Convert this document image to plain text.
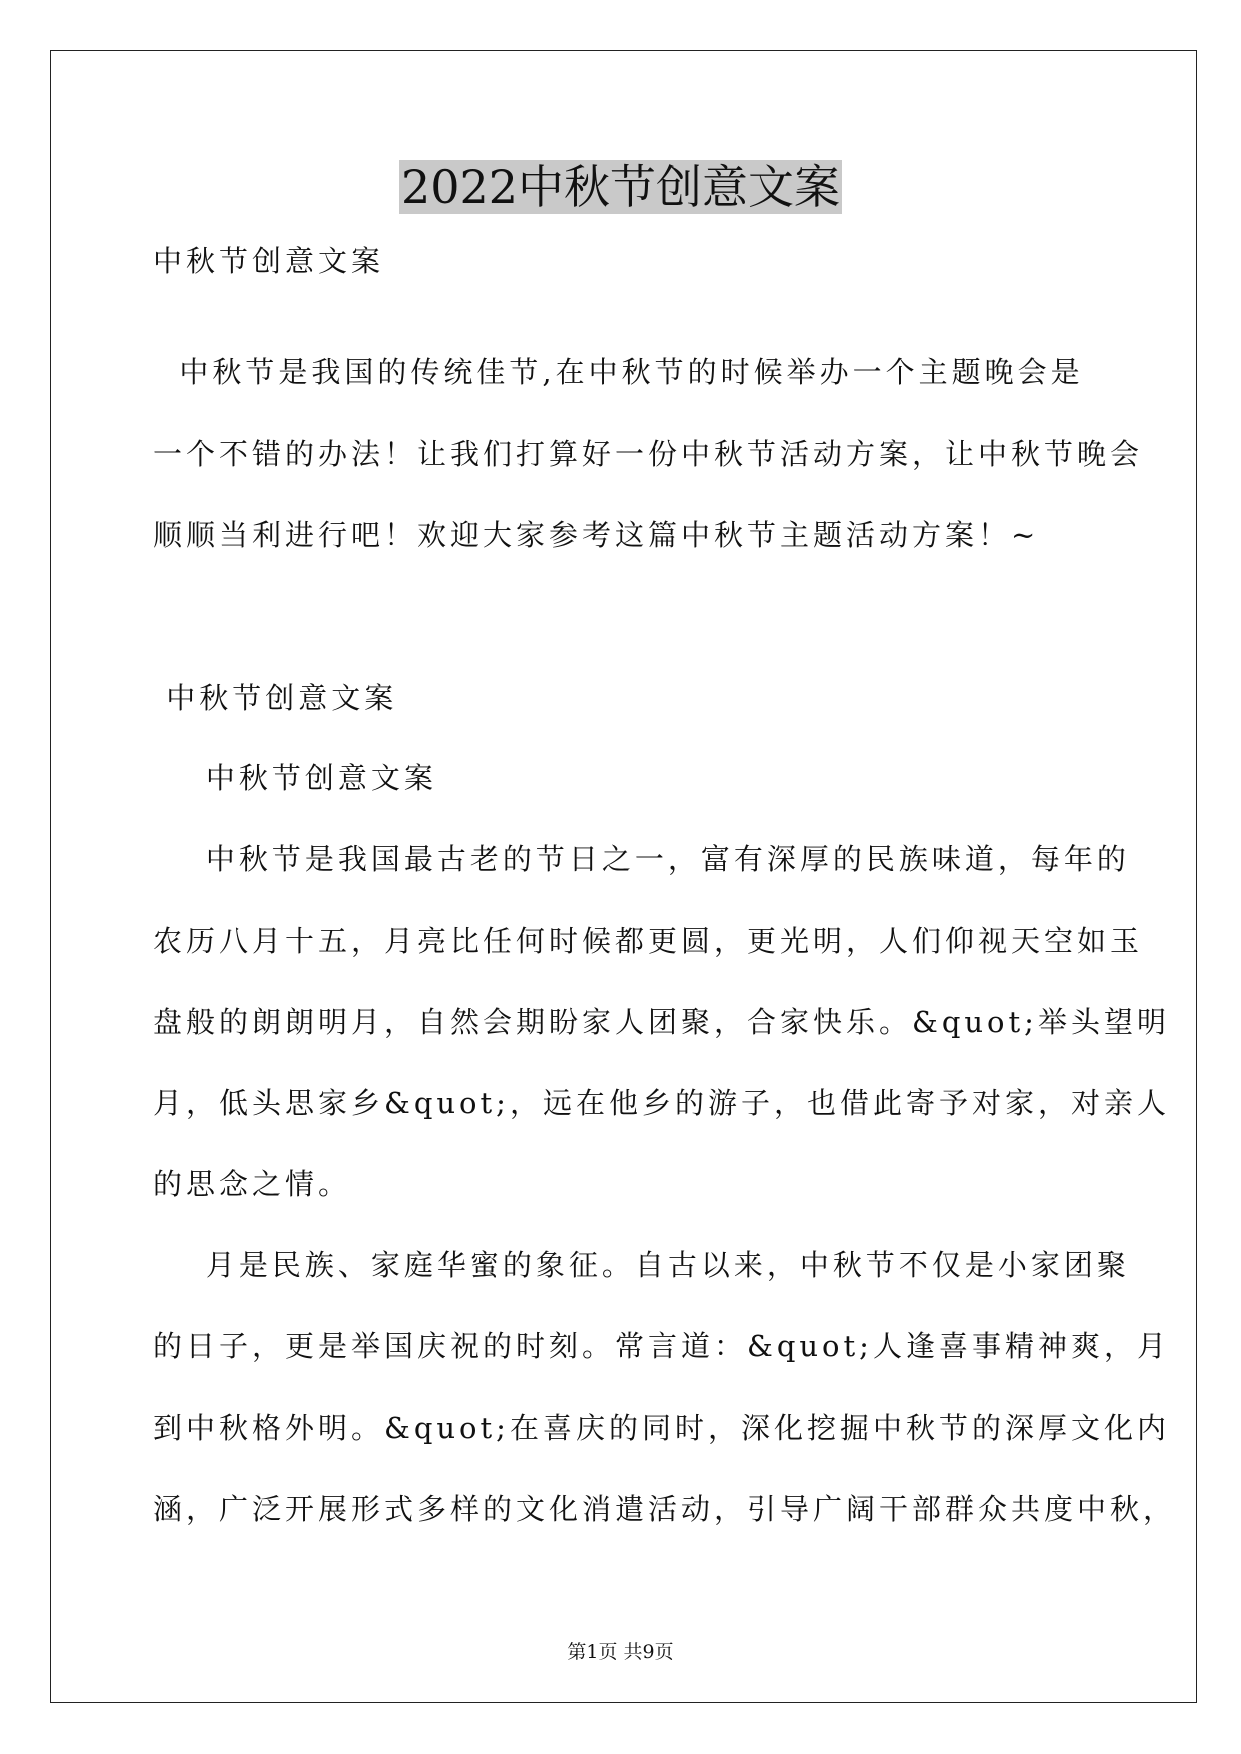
2022中秋节创意文案
中秋节创意文案
中秋节是我国的传统佳节,在中秋节的时候举办一个主题晚会是
一个不错的办法！让我们打算好一份中秋节活动方案，让中秋节晚会
顺顺当利进行吧！欢迎大家参考这篇中秋节主题活动方案！~
中秋节创意文案
中秋节创意文案
中秋节是我国最古老的节日之一，富有深厚的民族味道，每年的
农历八月十五，月亮比任何时候都更圆，更光明，人们仰视天空如玉
盘般的朗朗明月，自然会期盼家人团聚，合家快乐。&quot;举头望明
月，低头思家乡&quot;，远在他乡的游子，也借此寄予对家，对亲人
的思念之情。
月是民族、家庭华蜜的象征。自古以来，中秋节不仅是小家团聚
的日子，更是举国庆祝的时刻。常言道：&quot;人逢喜事精神爽，月
到中秋格外明。&quot;在喜庆的同时，深化挖掘中秋节的深厚文化内
涵，广泛开展形式多样的文化消遣活动，引导广阔干部群众共度中秋，
第1页 共9页
